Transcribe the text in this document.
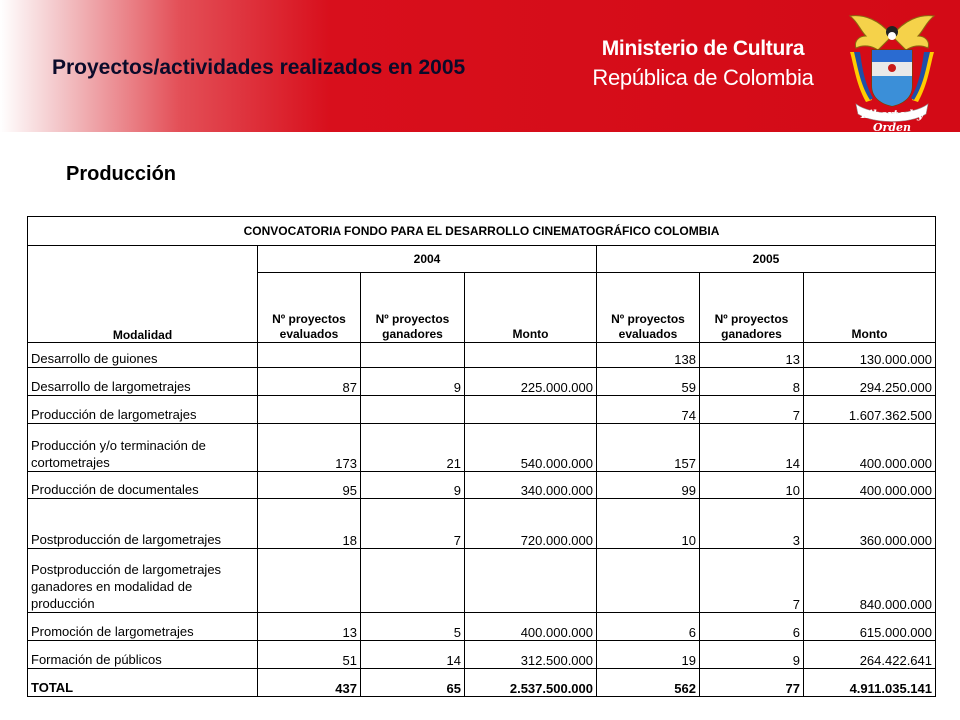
Proyectos/actividades realizados en 2005
Ministerio de Cultura
República de Colombia
Libertad y Orden
Producción
CONVOCATORIA FONDO PARA EL DESARROLLO CINEMATOGRÁFICO COLOMBIA						
Modalidad	2004			2005		
	Nº proyectos evaluados	Nº proyectos ganadores	Monto	Nº proyectos evaluados	Nº proyectos ganadores	Monto
Desarrollo de guiones				138	13	130.000.000
Desarrollo de largometrajes	87	9	225.000.000	59	8	294.250.000
Producción de largometrajes				74	7	1.607.362.500
Producción y/o terminación de cortometrajes	173	21	540.000.000	157	14	400.000.000
Producción de documentales	95	9	340.000.000	99	10	400.000.000
Postproducción de largometrajes	18	7	720.000.000	10	3	360.000.000
Postproducción de largometrajes ganadores en modalidad de producción					7	840.000.000
Promoción de largometrajes	13	5	400.000.000	6	6	615.000.000
Formación de públicos	51	14	312.500.000	19	9	264.422.641
TOTAL	437	65	2.537.500.000	562	77	4.911.035.141
